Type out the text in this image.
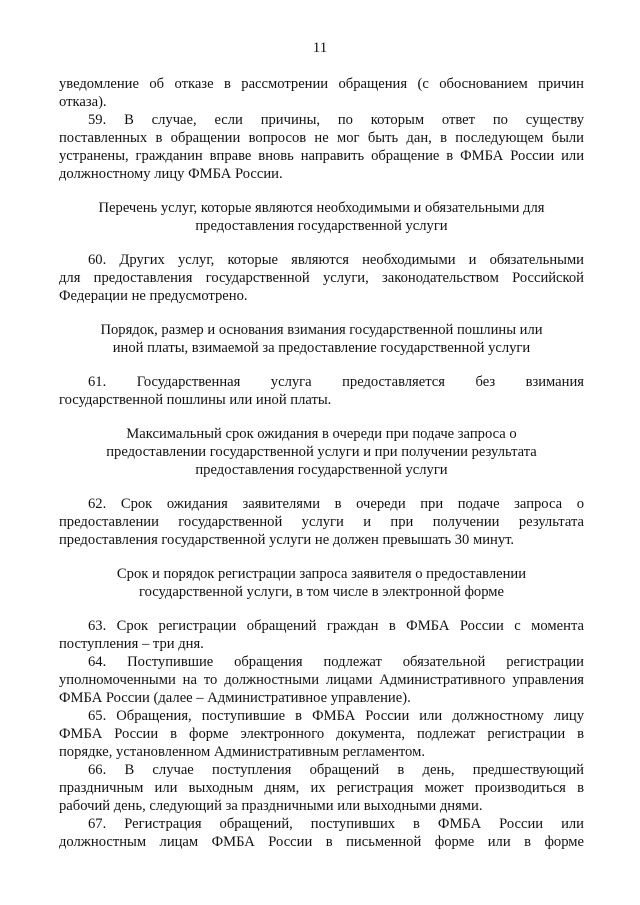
11
уведомление об отказе в рассмотрении обращения (с обоснованием причин
отказа).
59. В случае, если причины, по которым ответ по существу
поставленных в обращении вопросов не мог быть дан, в последующем были
устранены, гражданин вправе вновь направить обращение в ФМБА России или
должностному лицу ФМБА России.
Перечень услуг, которые являются необходимыми и обязательными для
предоставления государственной услуги
60. Других услуг, которые являются необходимыми и обязательными
для предоставления государственной услуги, законодательством Российской
Федерации не предусмотрено.
Порядок, размер и основания взимания государственной пошлины или
иной платы, взимаемой за предоставление государственной услуги
61. Государственная услуга предоставляется без взимания
государственной пошлины или иной платы.
Максимальный срок ожидания в очереди при подаче запроса о
предоставлении государственной услуги и при получении результата
предоставления государственной услуги
62. Срок ожидания заявителями в очереди при подаче запроса о
предоставлении государственной услуги и при получении результата
предоставления государственной услуги не должен превышать 30 минут.
Срок и порядок регистрации запроса заявителя о предоставлении
государственной услуги, в том числе в электронной форме
63. Срок регистрации обращений граждан в ФМБА России с момента
поступления – три дня.
64. Поступившие обращения подлежат обязательной регистрации
уполномоченными на то должностными лицами Административного управления
ФМБА России (далее – Административное управление).
65. Обращения, поступившие в ФМБА России или должностному лицу
ФМБА России в форме электронного документа, подлежат регистрации в
порядке, установленном Административным регламентом.
66. В случае поступления обращений в день, предшествующий
праздничным или выходным дням, их регистрация может производиться в
рабочий день, следующий за праздничными или выходными днями.
67. Регистрация обращений, поступивших в ФМБА России или
должностным лицам ФМБА России в письменной форме или в форме
